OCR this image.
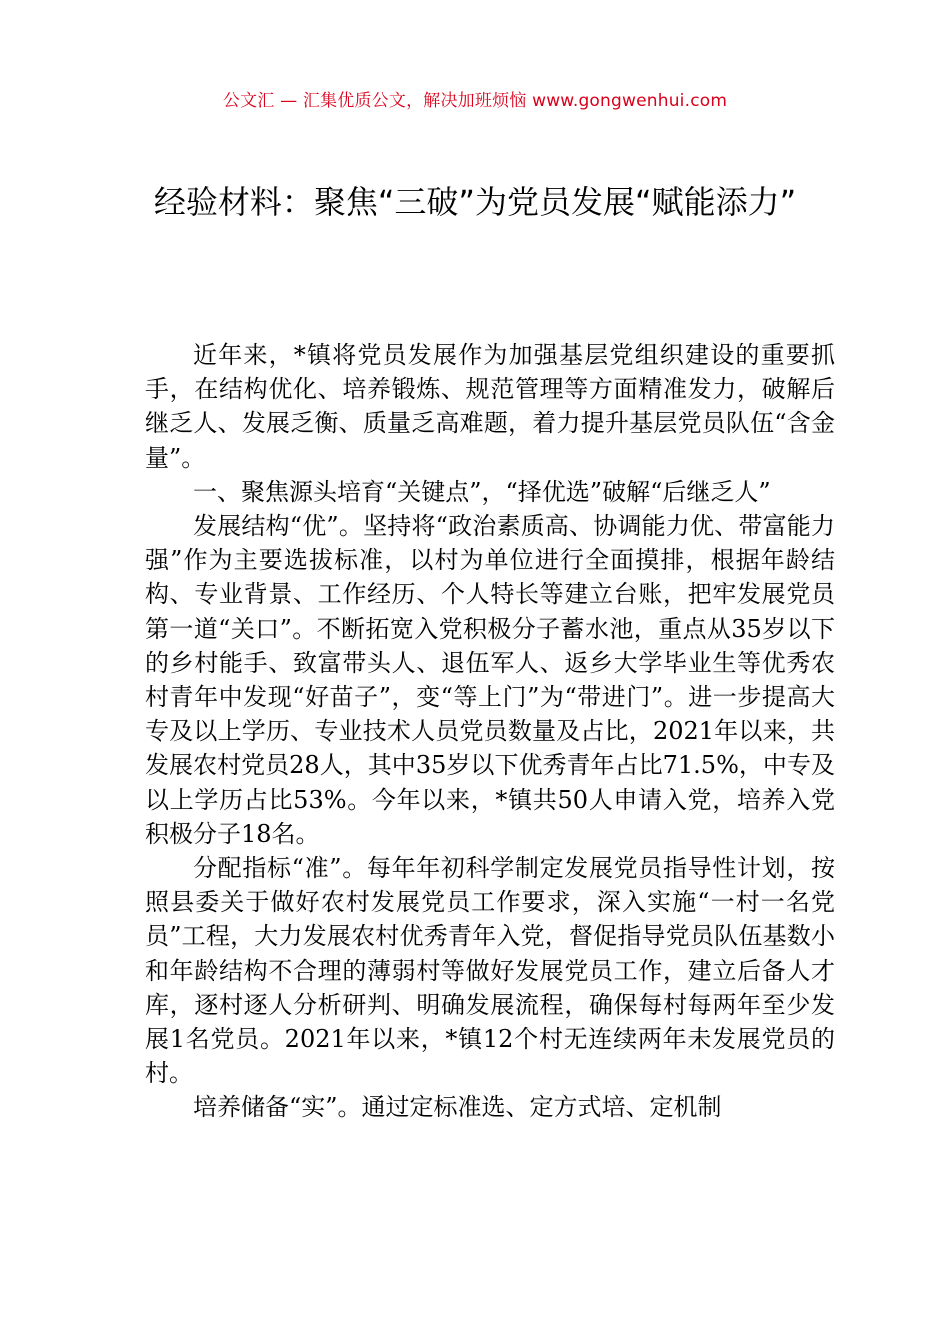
公文汇 — 汇集优质公文，解决加班烦恼 www.gongwenhui.com
经验材料：聚焦“三破”为党员发展“赋能添力”

近年来，*镇将党员发展作为加强基层党组织建设的重要抓手，在结构优化、培养锻炼、规范管理等方面精准发力，破解后继乏人、发展乏衡、质量乏高难题，着力提升基层党员队伍“含金量”。

一、聚焦源头培育“关键点”，“择优选”破解“后继乏人”

发展结构“优”。坚持将“政治素质高、协调能力优、带富能力强”作为主要选拔标准，以村为单位进行全面摸排，根据年龄结构、专业背景、工作经历、个人特长等建立台账，把牢发展党员第一道“关口”。不断拓宽入党积极分子蓄水池，重点从35岁以下的乡村能手、致富带头人、退伍军人、返乡大学毕业生等优秀农村青年中发现“好苗子”，变“等上门”为“带进门”。进一步提高大专及以上学历、专业技术人员党员数量及占比，2021年以来，共发展农村党员28人，其中35岁以下优秀青年占比71.5%，中专及以上学历占比53%。今年以来，*镇共50人申请入党，培养入党积极分子18名。

分配指标“准”。每年年初科学制定发展党员指导性计划，按照县委关于做好农村发展党员工作要求，深入实施“一村一名党员”工程，大力发展农村优秀青年入党，督促指导党员队伍基数小和年龄结构不合理的薄弱村等做好发展党员工作，建立后备人才库，逐村逐人分析研判、明确发展流程，确保每村每两年至少发展1名党员。2021年以来，*镇12个村无连续两年未发展党员的村。

培养储备“实”。通过定标准选、定方式培、定机制
